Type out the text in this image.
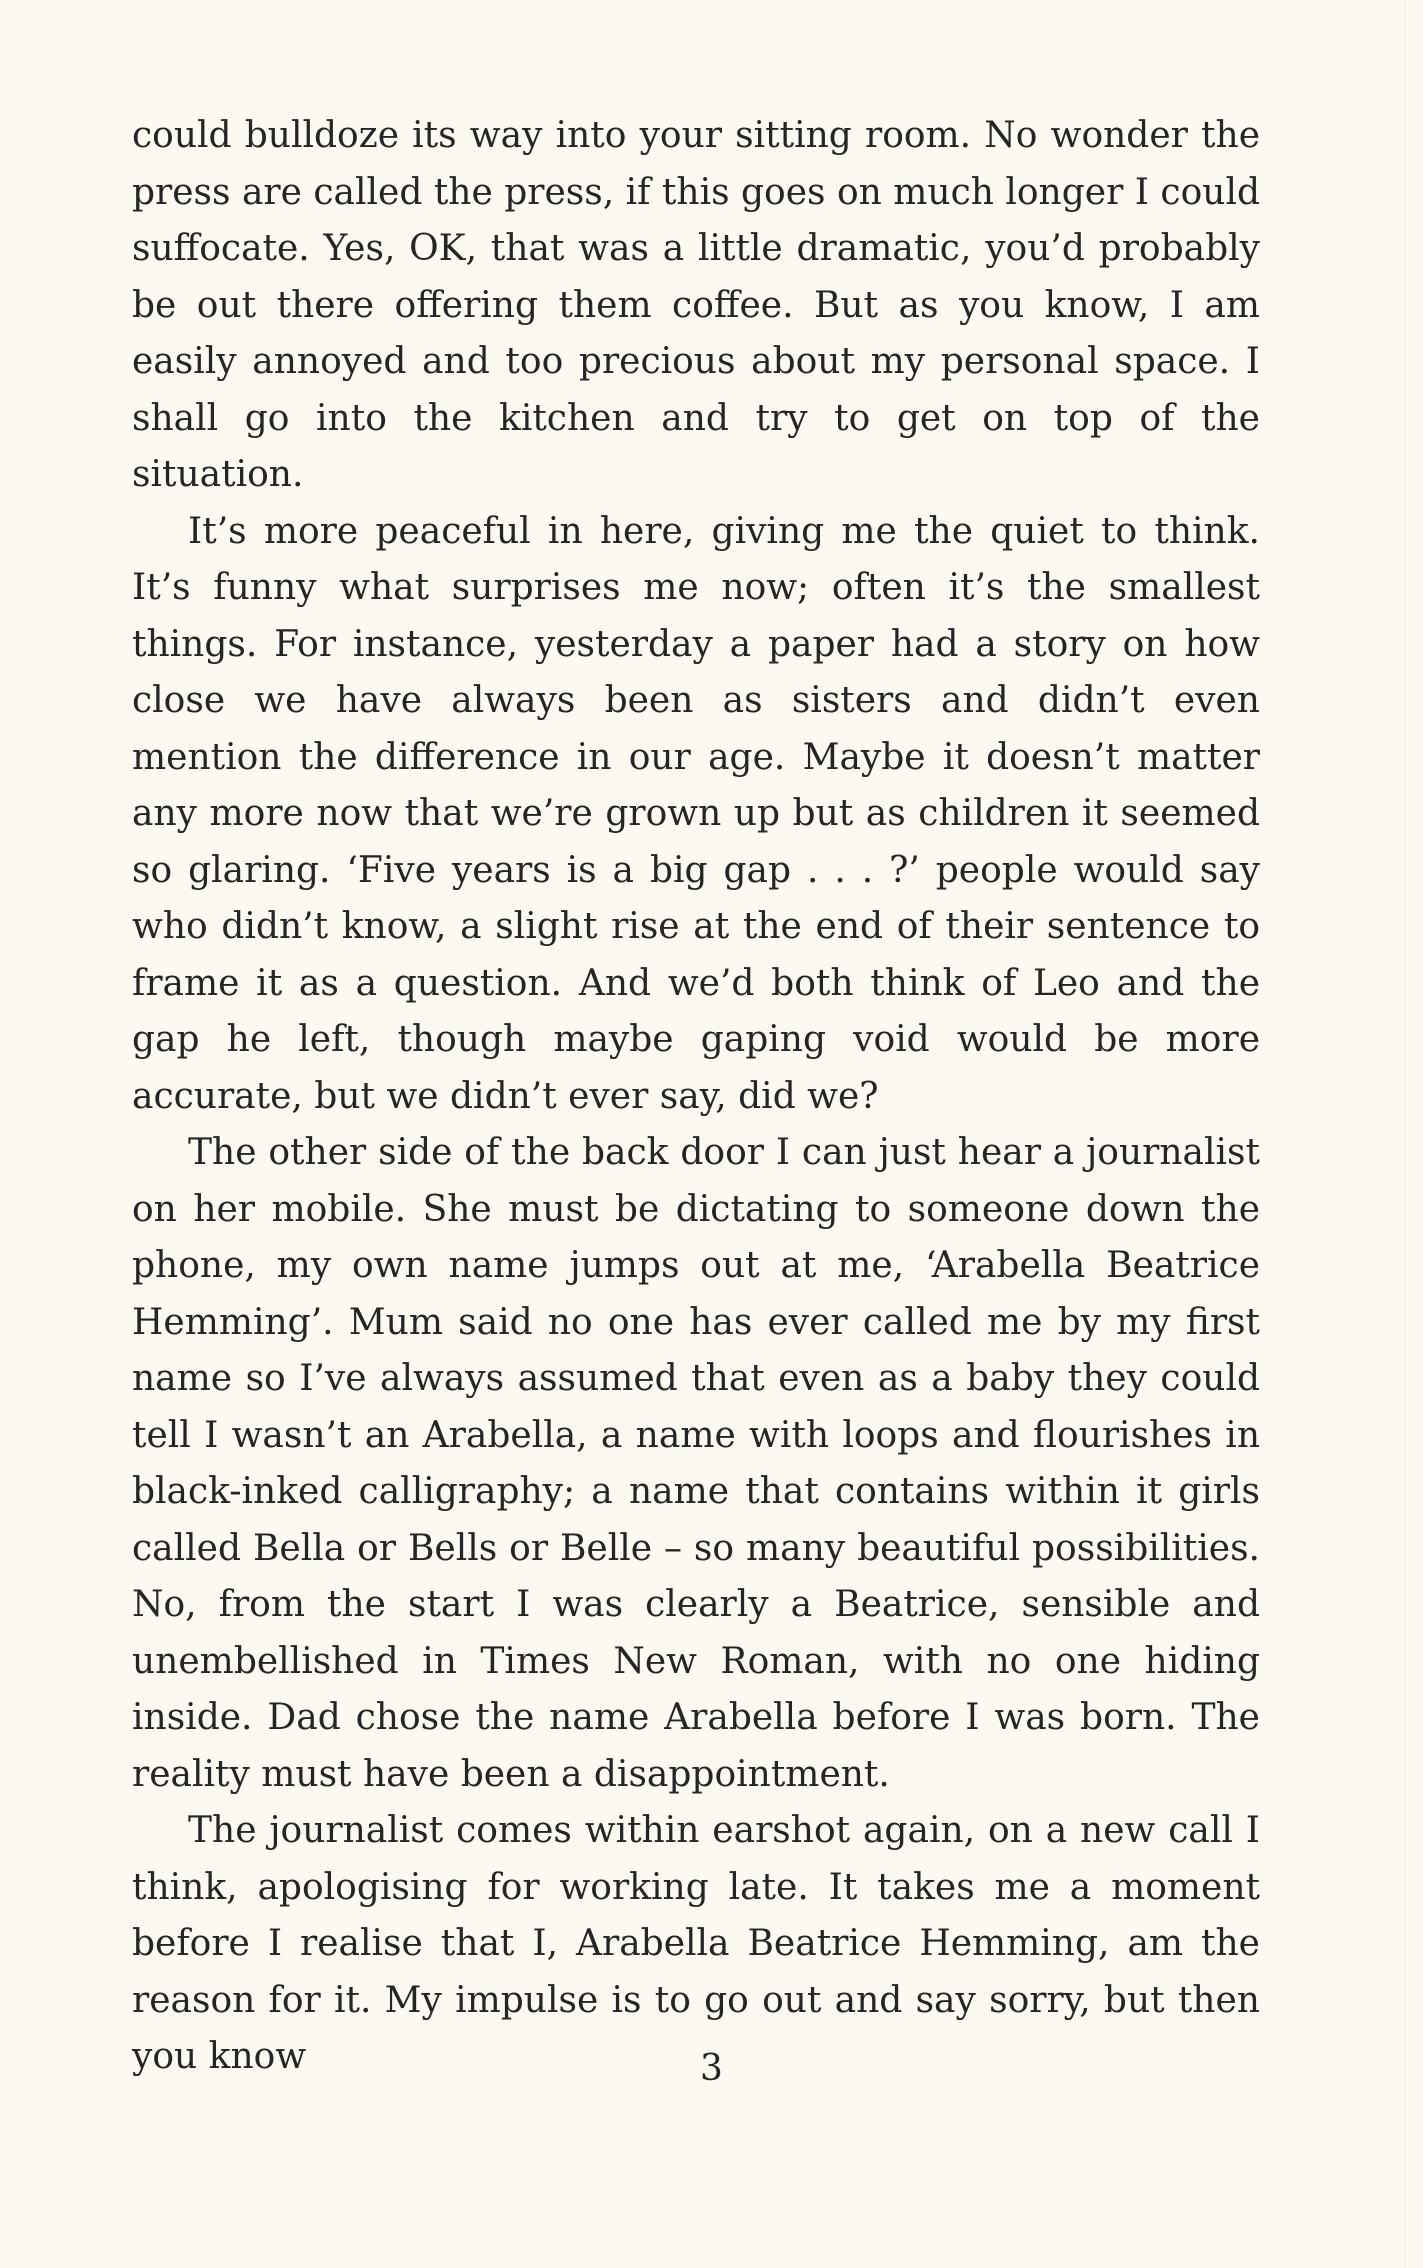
could bulldoze its way into your sitting room. No wonder the press are called the press, if this goes on much longer I could suffocate. Yes, OK, that was a little dramatic, you’d probably be out there offering them coffee. But as you know, I am easily annoyed and too precious about my personal space. I shall go into the kitchen and try to get on top of the situation.

It’s more peaceful in here, giving me the quiet to think. It’s funny what surprises me now; often it’s the smallest things. For instance, yesterday a paper had a story on how close we have always been as sisters and didn’t even mention the difference in our age. Maybe it doesn’t matter any more now that we’re grown up but as children it seemed so glaring. ‘Five years is a big gap . . . ?’ people would say who didn’t know, a slight rise at the end of their sentence to frame it as a question. And we’d both think of Leo and the gap he left, though maybe gaping void would be more accurate, but we didn’t ever say, did we?

The other side of the back door I can just hear a journalist on her mobile. She must be dictating to someone down the phone, my own name jumps out at me, ‘Arabella Beatrice Hemming’. Mum said no one has ever called me by my first name so I’ve always assumed that even as a baby they could tell I wasn’t an Arabella, a name with loops and flourishes in black-inked calligraphy; a name that contains within it girls called Bella or Bells or Belle – so many beautiful possibilities. No, from the start I was clearly a Beatrice, sensible and unembellished in Times New Roman, with no one hiding inside. Dad chose the name Arabella before I was born. The reality must have been a disappointment.

The journalist comes within earshot again, on a new call I think, apologising for working late. It takes me a moment before I realise that I, Arabella Beatrice Hemming, am the reason for it. My impulse is to go out and say sorry, but then you know	3
